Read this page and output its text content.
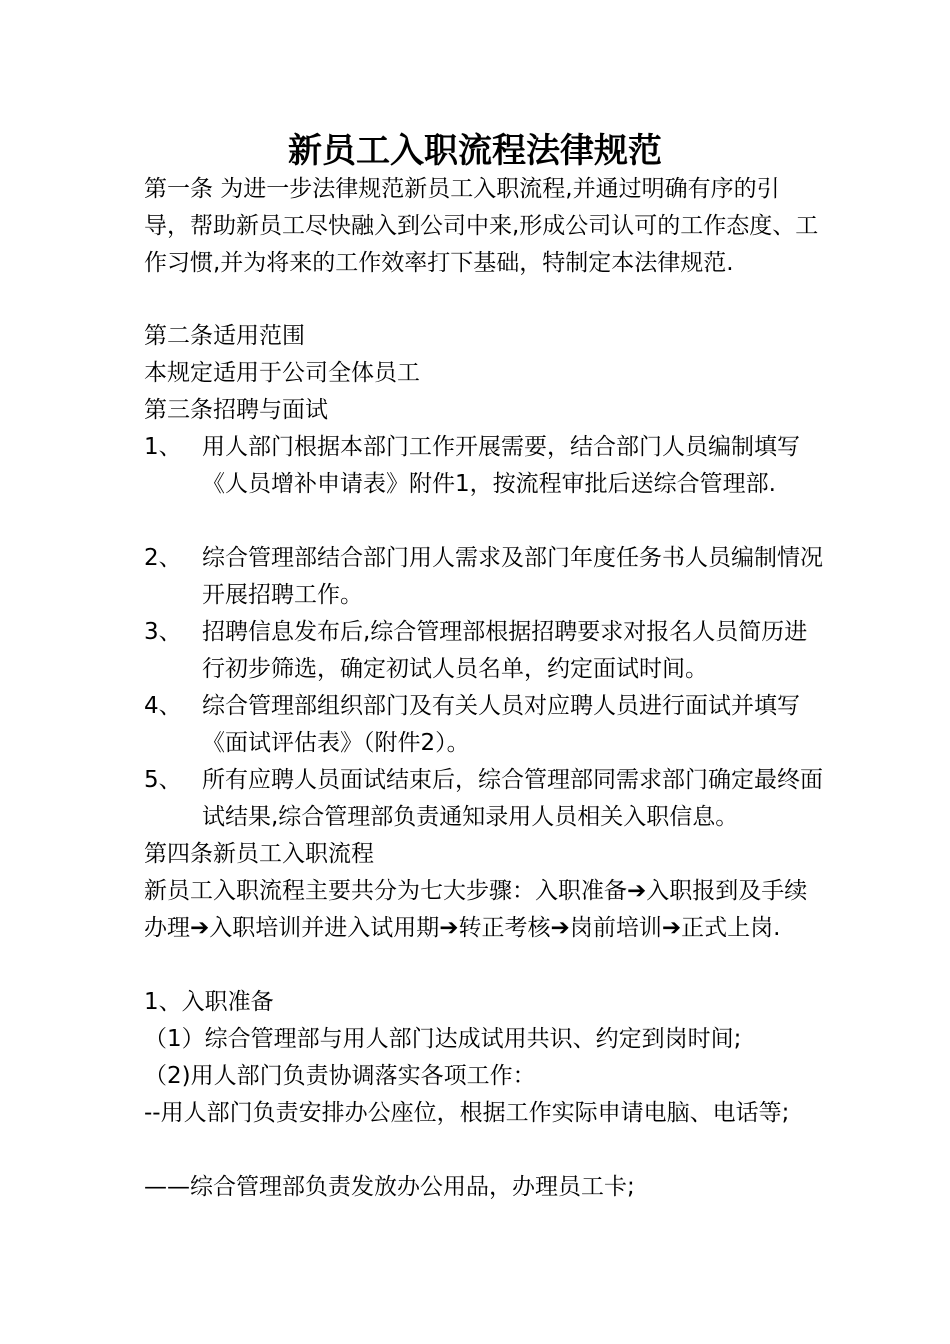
新员工入职流程法律规范

第一条 为进一步法律规范新员工入职流程,并通过明确有序的引导，帮助新员工尽快融入到公司中来,形成公司认可的工作态度、工作习惯,并为将来的工作效率打下基础，特制定本法律规范.

第二条适用范围

本规定适用于公司全体员工

第三条招聘与面试

1、 用人部门根据本部门工作开展需要，结合部门人员编制填写《人员增补申请表》附件1，按流程审批后送综合管理部.
2、 综合管理部结合部门用人需求及部门年度任务书人员编制情况开展招聘工作。
3、 招聘信息发布后,综合管理部根据招聘要求对报名人员简历进行初步筛选，确定初试人员名单，约定面试时间。
4、 综合管理部组织部门及有关人员对应聘人员进行面试并填写《面试评估表》（附件2）。
5、 所有应聘人员面试结束后，综合管理部同需求部门确定最终面试结果,综合管理部负责通知录用人员相关入职信息。

第四条新员工入职流程

新员工入职流程主要共分为七大步骤：入职准备➔入职报到及手续办理➔入职培训并进入试用期➔转正考核➔岗前培训➔正式上岗.

1、入职准备

（1）综合管理部与用人部门达成试用共识、约定到岗时间;

（2)用人部门负责协调落实各项工作：

--用人部门负责安排办公座位，根据工作实际申请电脑、电话等;

——综合管理部负责发放办公用品，办理员工卡;
